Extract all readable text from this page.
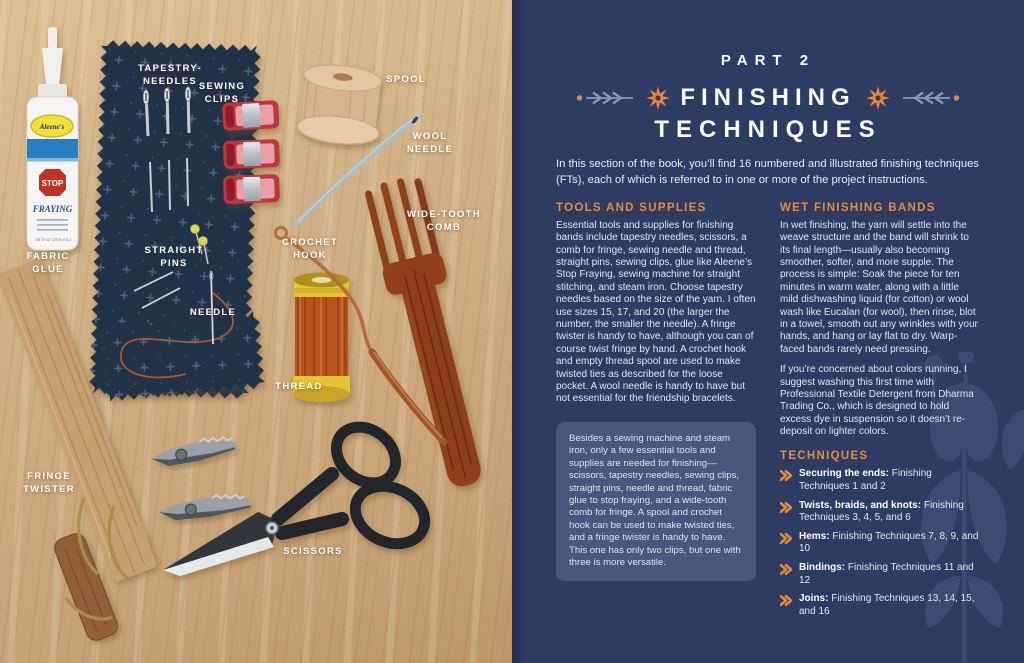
Aleene's
STOP
FRAYING
.66 fl oz (19.5 mL)
TAPESTRY-NEEDLES SEWING CLIPS
SPOOL
WOOL NEEDLE
WIDE-TOOTH COMB
CROCHET HOOK
STRAIGHT PINS
NEEDLE
FABRIC GLUE
THREAD
FRINGE TWISTER
SCISSORS
PART 2
FINISHING
TECHNIQUES

In this section of the book, you’ll find 16 numbered and illustrated finishing techniques (FTs), each of which is referred to in one or more of the project instructions.

TOOLS AND SUPPLIES

Essential tools and supplies for finishing bands include tapestry needles, scissors, a comb for fringe, sewing needle and thread, straight pins, sewing clips, glue like Aleene’s Stop Fraying, sewing machine for straight stitching, and steam iron. Choose tapestry needles based on the size of the yarn. I often use sizes 15, 17, and 20 (the larger the number, the smaller the needle). A fringe twister is handy to have, although you can of course twist fringe by hand. A crochet hook and empty thread spool are used to make twisted ties as described for the loose pocket. A wool needle is handy to have but not essential for the friendship bracelets.

Besides a sewing machine and steam iron, only a few essential tools and supplies are needed for finishing—scissors, tapestry needles, sewing clips, straight pins, needle and thread, fabric glue to stop fraying, and a wide-tooth comb for fringe. A spool and crochet hook can be used to make twisted ties, and a fringe twister is handy to have. This one has only two clips, but one with three is more versatile.

WET FINISHING BANDS

In wet finishing, the yarn will settle into the weave structure and the band will shrink to its final length—usually also becoming smoother, softer, and more supple. The process is simple: Soak the piece for ten minutes in warm water, along with a little mild dishwashing liquid (for cotton) or wool wash like Eucalan (for wool), then rinse, blot in a towel, smooth out any wrinkles with your hands, and hang or lay flat to dry. Warp-faced bands rarely need pressing.

If you’re concerned about colors running, I suggest washing this first time with Professional Textile Detergent from Dharma Trading Co., which is designed to hold excess dye in suspension so it doesn’t re-deposit on lighter colors.

TECHNIQUES
Securing the ends: Finishing Techniques 1 and 2
Twists, braids, and knots: Finishing Techniques 3, 4, 5, and 6
Hems: Finishing Techniques 7, 8, 9, and 10
Bindings: Finishing Techniques 11 and 12
Joins: Finishing Techniques 13, 14, 15, and 16
